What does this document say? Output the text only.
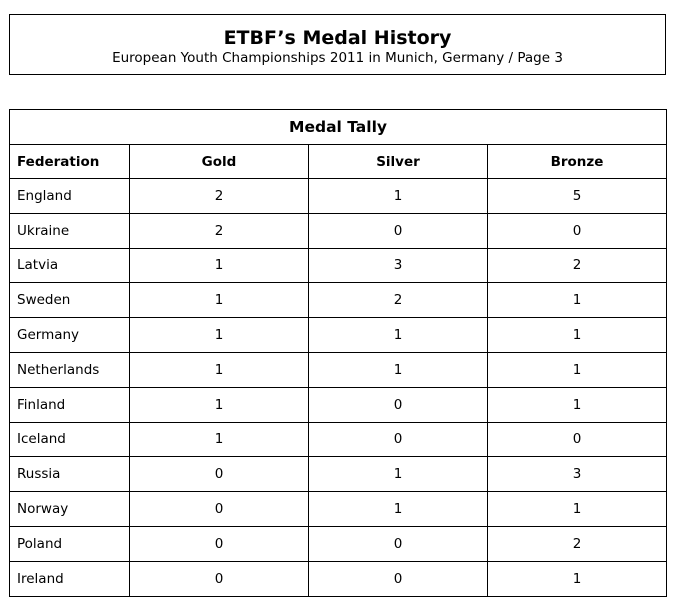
ETBF’s Medal History
European Youth Championships 2011 in Munich, Germany / Page 3
Medal Tally			
Federation	Gold	Silver	Bronze
England	2	1	5
Ukraine	2	0	0
Latvia	1	3	2
Sweden	1	2	1
Germany	1	1	1
Netherlands	1	1	1
Finland	1	0	1
Iceland	1	0	0
Russia	0	1	3
Norway	0	1	1
Poland	0	0	2
Ireland	0	0	1
